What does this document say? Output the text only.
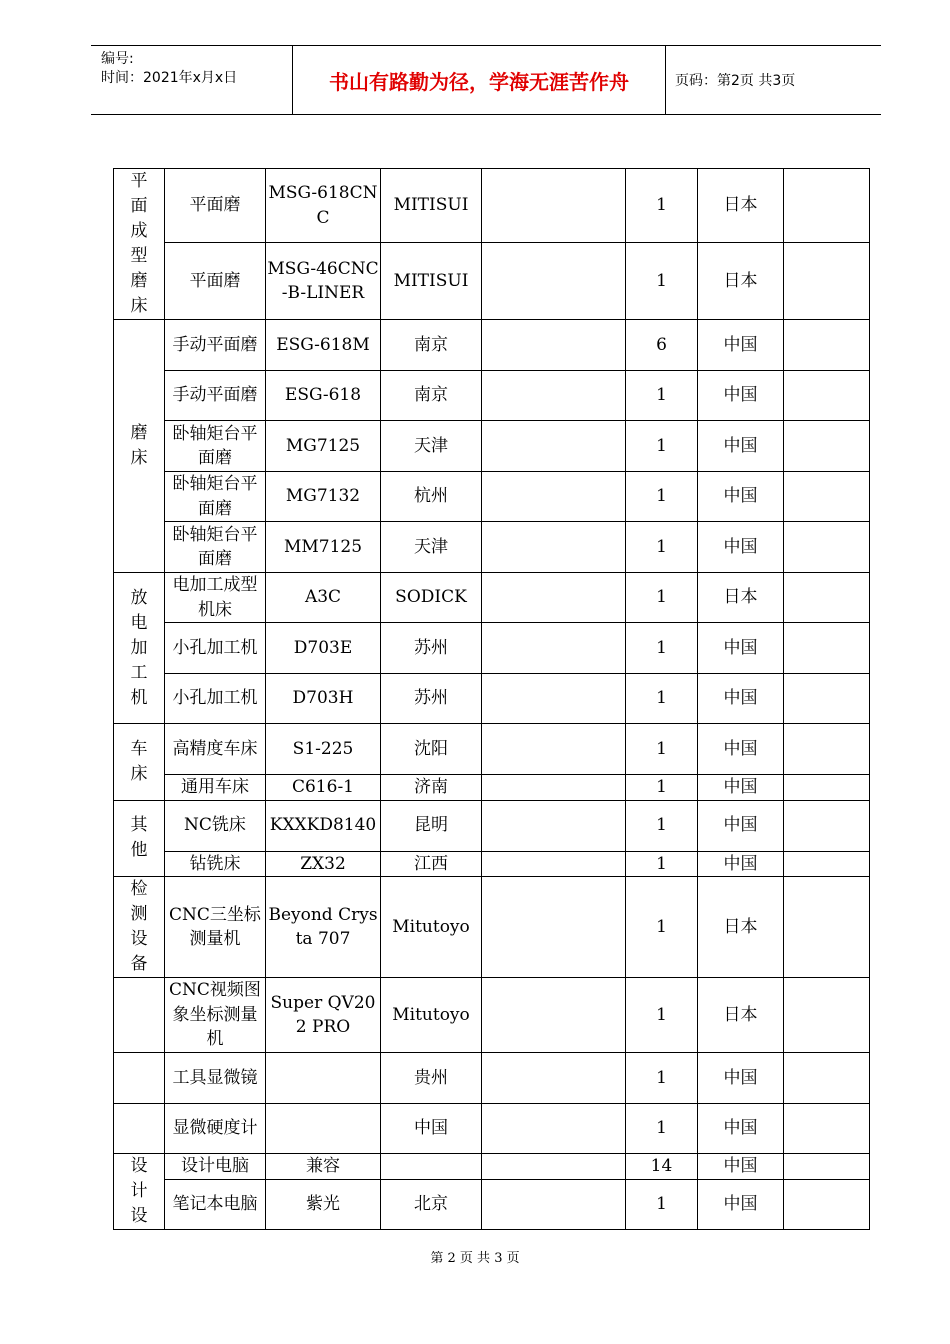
编号:
时间：2021年x月x日	书山有路勤为径，学海无涯苦作舟	页码：第2页 共3页
平面成型磨床	平面磨	MSG-618CNC	MITISUI		1	日本	
	平面磨	MSG-46CNC-B-LINER	MITISUI		1	日本	

磨床	手动平面磨	ESG-618M	南京		6	中国	
	手动平面磨	ESG-618	南京		1	中国	
	卧轴矩台平面磨	MG7125	天津		1	中国	
	卧轴矩台平面磨	MG7132	杭州		1	中国	
	卧轴矩台平面磨	MM7125	天津		1	中国	

放电加工机	电加工成型机床	A3C	SODICK		1	日本	
	小孔加工机	D703E	苏州		1	中国	
	小孔加工机	D703H	苏州		1	中国	

车床	高精度车床	S1-225	沈阳		1	中国	
	通用车床	C616-1	济南		1	中国	

其他	NC铣床	KXXKD8140	昆明		1	中国	
	钻铣床	ZX32	江西		1	中国	

检测设备	CNC三坐标测量机	Beyond Crysta 707	Mitutoyo		1	日本	

	CNC视频图象坐标测量机	Super QV202 PRO	Mitutoyo		1	日本	

	工具显微镜		贵州		1	中国	

	显微硬度计		中国		1	中国	

设计设	设计电脑	兼容			14	中国	
	笔记本电脑	紫光	北京		1	中国	
第 2 页 共 3 页
